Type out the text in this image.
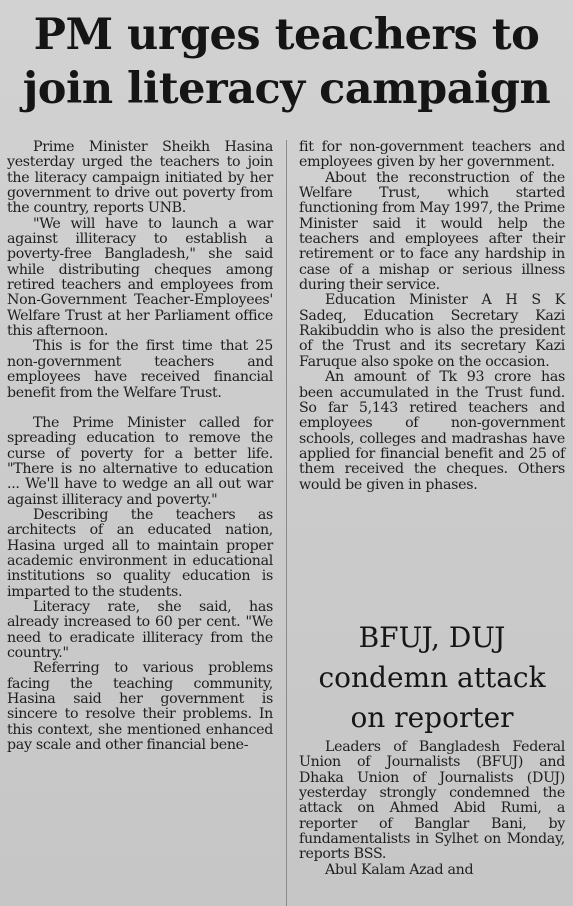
PM urges teachers to
join literacy campaign

Prime Minister Sheikh Hasina yesterday urged the teachers to join the literacy campaign initiated by her government to drive out poverty from the country, reports UNB.

"We will have to launch a war against illiteracy to establish a poverty-free Bangladesh," she said while distributing cheques among retired teachers and employees from Non-Government Teacher-Employees' Welfare Trust at her Parliament office this afternoon.

This is for the first time that 25 non-government teachers and employees have received financial benefit from the Welfare Trust.

The Prime Minister called for spreading education to remove the curse of poverty for a better life. "There is no alternative to education ... We'll have to wedge an all out war against illiteracy and poverty."

Describing the teachers as architects of an educated nation, Hasina urged all to maintain proper academic environment in educational institutions so quality education is imparted to the students.

Literacy rate, she said, has already increased to 60 per cent. "We need to eradicate illiteracy from the country."

Referring to various problems facing the teaching community, Hasina said her government is sincere to resolve their problems. In this context, she mentioned enhanced pay scale and other financial bene-

fit for non-government teachers and employees given by her government.

About the reconstruction of the Welfare Trust, which started functioning from May 1997, the Prime Minister said it would help the teachers and employees after their retirement or to face any hardship in case of a mishap or serious illness during their service.

Education Minister A H S K Sadeq, Education Secretary Kazi Rakibuddin who is also the president of the Trust and its secretary Kazi Faruque also spoke on the occasion.

An amount of Tk 93 crore has been accumulated in the Trust fund. So far 5,143 retired teachers and employees of non-government schools, colleges and madrashas have applied for financial benefit and 25 of them received the cheques. Others would be given in phases.

BFUJ, DUJ
condemn attack
on reporter

Leaders of Bangladesh Federal Union of Journalists (BFUJ) and Dhaka Union of Journalists (DUJ) yesterday strongly condemned the attack on Ahmed Abid Rumi, a reporter of Banglar Bani, by fundamentalists in Sylhet on Monday, reports BSS.

Abul Kalam Azad and
